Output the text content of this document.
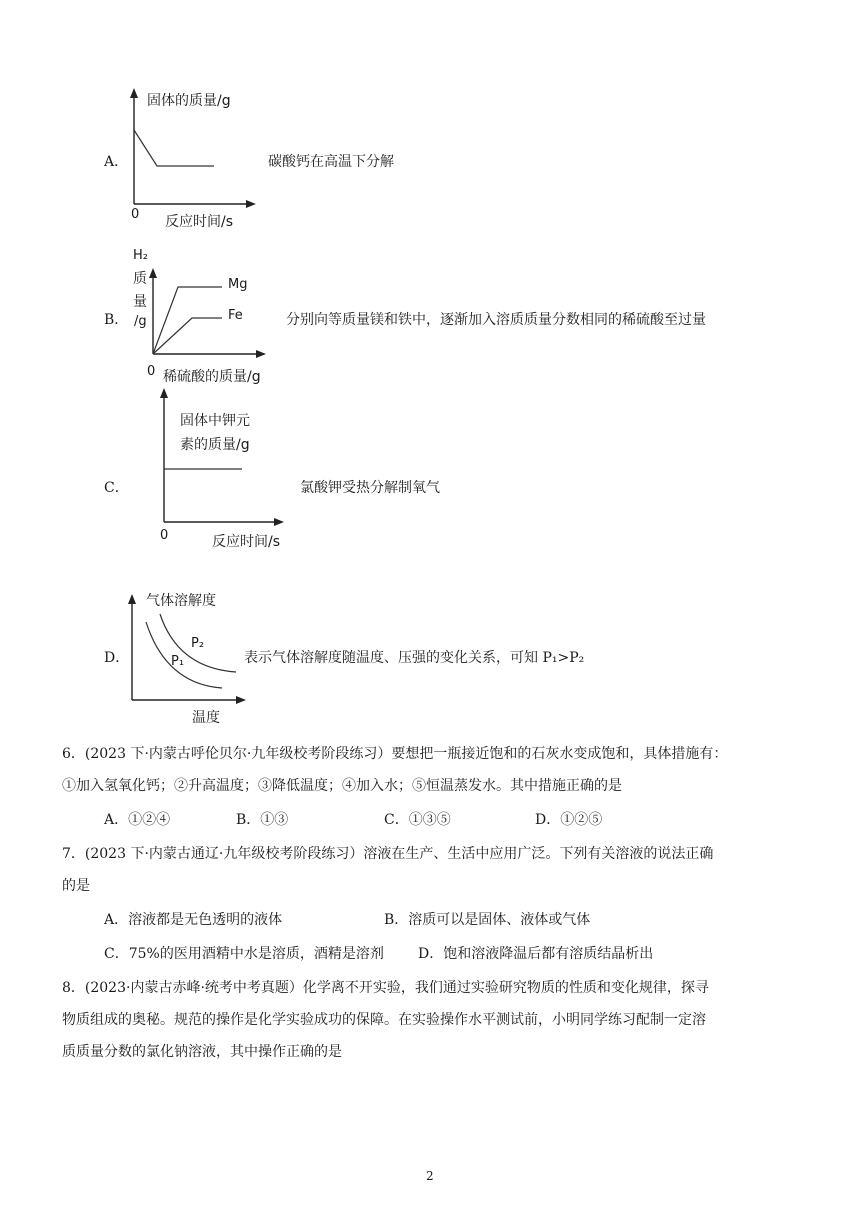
A．
固体的质量/g
0 反应时间/s
碳酸钙在高温下分解
B．
H₂
质
量
/g
0 稀硫酸的质量/g
Mg
Fe	分别向等质量镁和铁中，逐渐加入溶质质量分数相同的稀硫酸至过量
C．
固体中钾元
素的质量/g
0	反应时间/s
氯酸钾受热分解制氧气
D．
气体溶解度
P₂
P₁
温度
表示气体溶解度随温度、压强的变化关系，可知 P₁>P₂
6．(2023 下·内蒙古呼伦贝尔·九年级校考阶段练习）要想把一瓶接近饱和的石灰水变成饱和，具体措施有：
①加入氢氧化钙；②升高温度；③降低温度；④加入水；⑤恒温蒸发水。其中措施正确的是
A．①②④	B．①③	C．①③⑤	D．①②⑤
7．(2023 下·内蒙古通辽·九年级校考阶段练习）溶液在生产、生活中应用广泛。下列有关溶液的说法正确
的是
A．溶液都是无色透明的液体	B．溶质可以是固体、液体或气体
C．75%的医用酒精中水是溶质，酒精是溶剂 D．饱和溶液降温后都有溶质结晶析出
8．(2023·内蒙古赤峰·统考中考真题）化学离不开实验，我们通过实验研究物质的性质和变化规律，探寻
物质组成的奥秘。规范的操作是化学实验成功的保障。在实验操作水平测试前，小明同学练习配制一定溶
质质量分数的氯化钠溶液，其中操作正确的是
2
